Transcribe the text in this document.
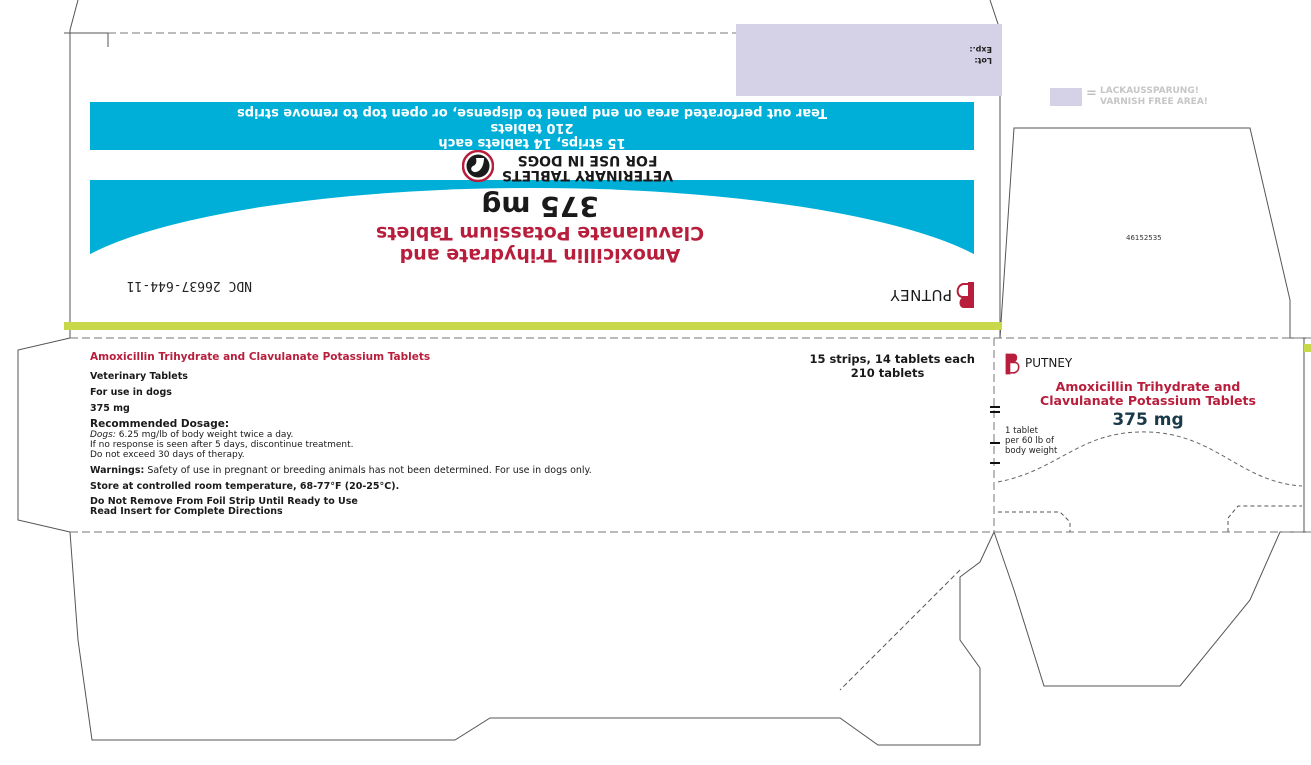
15 strips, 14 tablets each
210 tablets
Tear out perforated area on end panel to dispense, or open top to remove strips
VETERINARY TABLETS
FOR USE IN DOGS
Amoxicillin Trihydrate and
Clavulanate Potassium Tablets
375 mg
NDC 26637-644-11
PUTNEY
Lot:
Exp.:
= LACKAUSSPARUNG!
VARNISH FREE AREA!
46152535
Amoxicillin Trihydrate and Clavulanate Potassium Tablets	15 strips, 14 tablets each
210 tablets

Veterinary Tablets

For use in dogs

375 mg

Recommended Dosage:

Dogs: 6.25 mg/lb of body weight twice a day.

If no response is seen after 5 days, discontinue treatment.

Do not exceed 30 days of therapy.

Warnings: Safety of use in pregnant or breeding animals has not been determined. For use in dogs only.

Store at controlled room temperature, 68-77°F (20-25°C).

Do Not Remove From Foil Strip Until Ready to Use

Read Insert for Complete Directions

PUTNEY
Amoxicillin Trihydrate and
Clavulanate Potassium Tablets
375 mg
1 tablet
per 60 lb of
body weight
